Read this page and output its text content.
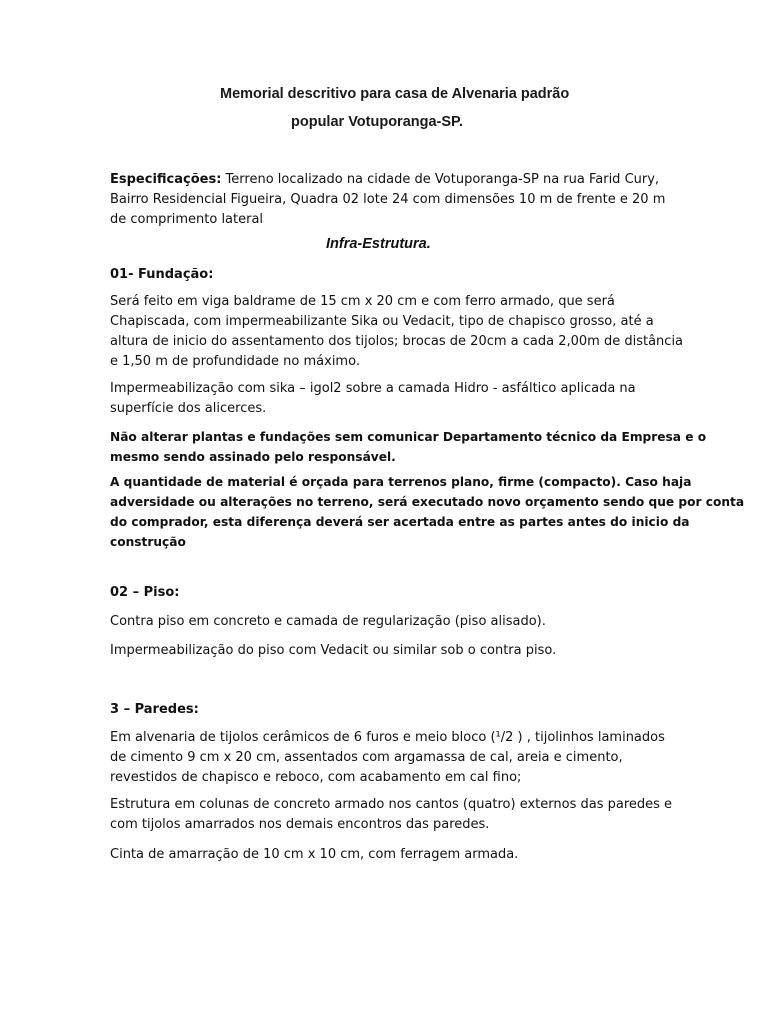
Memorial descritivo para casa de Alvenaria padrão
popular Votuporanga-SP.

Especificações: Terreno localizado na cidade de Votuporanga-SP na rua Farid Cury,
Bairro Residencial Figueira, Quadra 02 lote 24 com dimensões 10 m de frente e 20 m
de comprimento lateral

Infra-Estrutura.

01- Fundação:

Será feito em viga baldrame de 15 cm x 20 cm e com ferro armado, que será
Chapiscada, com impermeabilizante Sika ou Vedacit, tipo de chapisco grosso, até a
altura de inicio do assentamento dos tijolos; brocas de 20cm a cada 2,00m de distância
e 1,50 m de profundidade no máximo.

Impermeabilização com sika – igol2 sobre a camada Hidro - asfáltico aplicada na
superfície dos alicerces.

Não alterar plantas e fundações sem comunicar Departamento técnico da Empresa e o
mesmo sendo assinado pelo responsável.

A quantidade de material é orçada para terrenos plano, firme (compacto). Caso haja
adversidade ou alterações no terreno, será executado novo orçamento sendo que por conta
do comprador, esta diferença deverá ser acertada entre as partes antes do inicio da
construção

02 – Piso:

Contra piso em concreto e camada de regularização (piso alisado).

Impermeabilização do piso com Vedacit ou similar sob o contra piso.

3 – Paredes:

Em alvenaria de tijolos cerâmicos de 6 furos e meio bloco (¹/2 ) , tijolinhos laminados
de cimento 9 cm x 20 cm, assentados com argamassa de cal, areia e cimento,
revestidos de chapisco e reboco, com acabamento em cal fino;

Estrutura em colunas de concreto armado nos cantos (quatro) externos das paredes e
com tijolos amarrados nos demais encontros das paredes.

Cinta de amarração de 10 cm x 10 cm, com ferragem armada.
